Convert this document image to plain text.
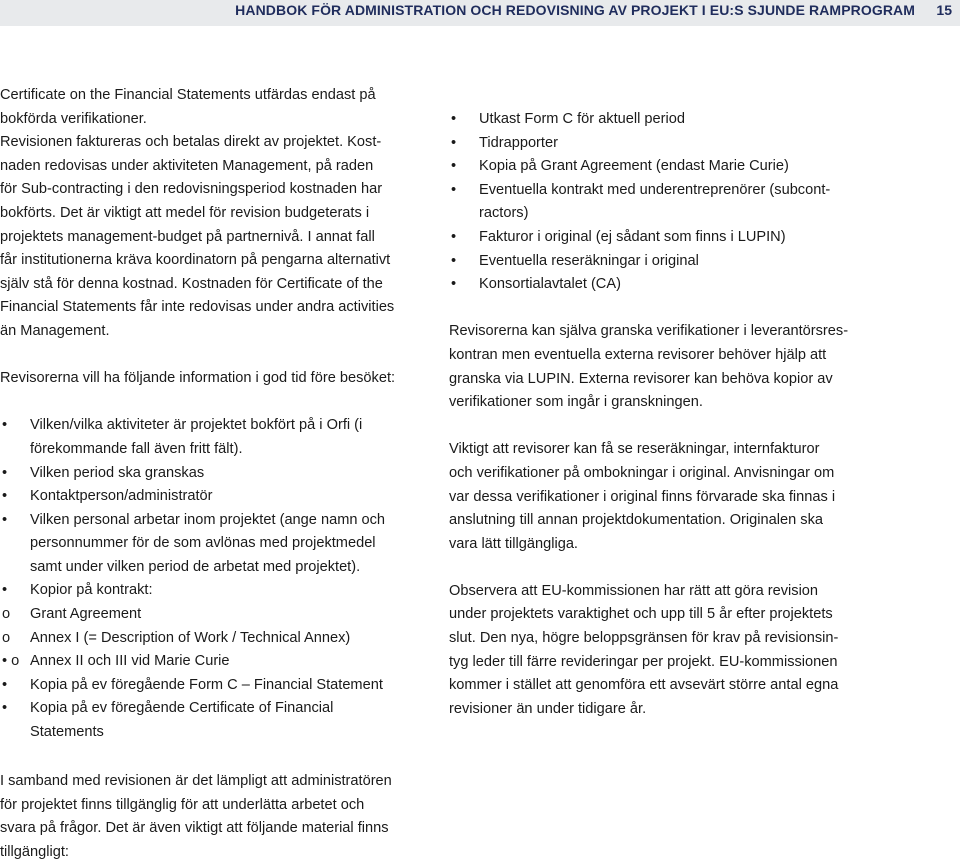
HANDBOK FÖR ADMINISTRATION OCH REDOVISNING AV PROJEKT I EU:S SJUNDE RAMPROGRAM 15

Certificate on the Financial Statements utfärdas endast på
bokförda verifikationer.
Revisionen faktureras och betalas direkt av projektet. Kost-
naden redovisas under aktiviteten Management, på raden
för Sub-contracting i den redovisningsperiod kostnaden har
bokförts. Det är viktigt att medel för revision budgeterats i
projektets management-budget på partnernivå. I annat fall
får institutionerna kräva koordinatorn på pengarna alternativt
själv stå för denna kostnad. Kostnaden för Certificate of the
Financial Statements får inte redovisas under andra activities
än Management.

Revisorerna vill ha följande information i god tid före besöket:

• Vilken/vilka aktiviteter är projektet bokfört på i Orfi (i
förekommande fall även fritt fält).
• Vilken period ska granskas
• Kontaktperson/administratör
• Vilken personal arbetar inom projektet (ange namn och
personnummer för de som avlönas med projektmedel
samt under vilken period de arbetat med projektet).
• Kopior på kontrakt:
o Grant Agreement
o Annex I (= Description of Work / Technical Annex)
• o Annex II och III vid Marie Curie
• Kopia på ev föregående Form C – Financial Statement
• Kopia på ev föregående Certificate of Financial
Statements
• Utkast Form C för aktuell period
• Tidrapporter
• Kopia på Grant Agreement (endast Marie Curie)
• Eventuella kontrakt med underentreprenörer (subcont-
ractors)
• Fakturor i original (ej sådant som finns i LUPIN)
• Eventuella reseräkningar i original
• Konsortialavtalet (CA)

Revisorerna kan själva granska verifikationer i leverantörsres-
kontran men eventuella externa revisorer behöver hjälp att
granska via LUPIN. Externa revisorer kan behöva kopior av
verifikationer som ingår i granskningen.

Viktigt att revisorer kan få se reseräkningar, internfakturor
och verifikationer på ombokningar i original. Anvisningar om
var dessa verifikationer i original finns förvarade ska finnas i
anslutning till annan projektdokumentation. Originalen ska
vara lätt tillgängliga.

Observera att EU-kommissionen har rätt att göra revision
under projektets varaktighet och upp till 5 år efter projektets
slut. Den nya, högre beloppsgränsen för krav på revisionsin-
tyg leder till färre revideringar per projekt. EU-kommissionen
kommer i stället att genomföra ett avsevärt större antal egna
revisioner än under tidigare år.

I samband med revisionen är det lämpligt att administratören
för projektet finns tillgänglig för att underlätta arbetet och
svara på frågor. Det är även viktigt att följande material finns
tillgängligt:
